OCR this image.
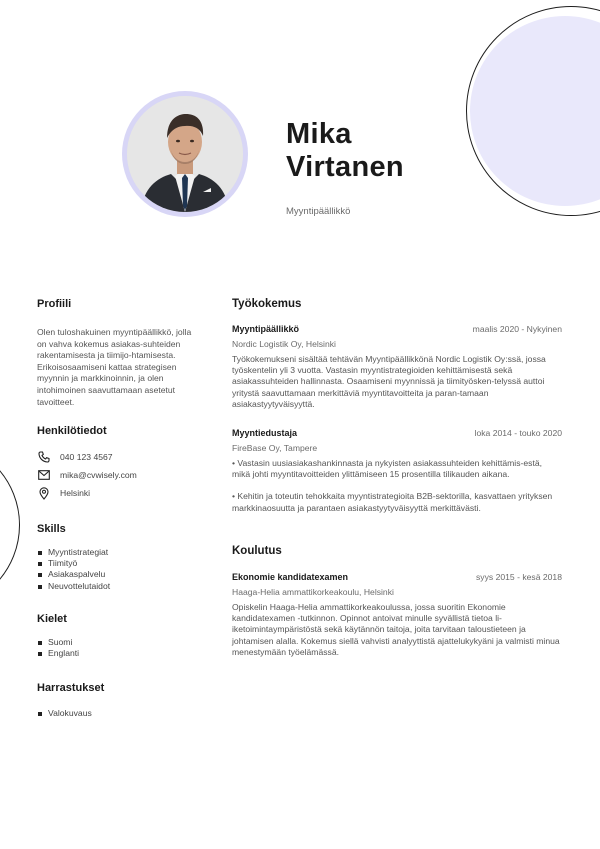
Mika
Virtanen
Myyntipäällikkö
Profiili
Olen tuloshakuinen myyntipäällikkö, jolla on vahva kokemus asiakas-suhteiden rakentamisesta ja tiimijo-htamisesta. Erikoisosaamiseni kattaa strategisen myynnin ja markkinoinnin, ja olen intohimoinen saavuttamaan asetetut tavoitteet.
Henkilötiedot
040 123 4567
mika@cvwisely.com
Helsinki
Skills
Myyntistrategiat
Tiimityö
Asiakaspalvelu
Neuvottelutaidot
Kielet
Suomi
Englanti
Harrastukset
Valokuvaus
Työkokemus
Myyntipäällikkö	maalis 2020 - Nykyinen
Nordic Logistik Oy, Helsinki
Työkokemukseni sisältää tehtävän Myyntipäällikkönä Nordic Logistik Oy:ssä, jossa työskentelin yli 3 vuotta. Vastasin myyntistrategioiden kehittämisestä sekä asiakassuhteiden hallinnasta. Osaamiseni myynnissä ja tiimityösken-telyssä auttoi yritystä saavuttamaan merkittäviä myyntitavoitteita ja paran-tamaan asiakastyytyväisyyttä.
Myyntiedustaja	loka 2014 - touko 2020
FireBase Oy, Tampere
• Vastasin uusiasiakashankinnasta ja nykyisten asiakassuhteiden kehittämis-estä, mikä johti myyntitavoitteiden ylittämiseen 15 prosentilla tilikauden aikana.
• Kehitin ja toteutin tehokkaita myyntistrategioita B2B-sektorilla, kasvattaen yrityksen markkinaosuutta ja parantaen asiakastyytyväisyyttä merkittävästi.
Koulutus
Ekonomie kandidatexamen	syys 2015 - kesä 2018
Haaga-Helia ammattikorkeakoulu, Helsinki
Opiskelin Haaga-Helia ammattikorkeakoulussa, jossa suoritin Ekonomie kandidatexamen -tutkinnon. Opinnot antoivat minulle syvällistä tietoa li-iketoimintaympäristöstä sekä käytännön taitoja, joita tarvitaan taloustieteen ja johtamisen alalla. Kokemus siellä vahvisti analyyttistä ajattelukykyäni ja valmisti minua menestymään työelämässä.
